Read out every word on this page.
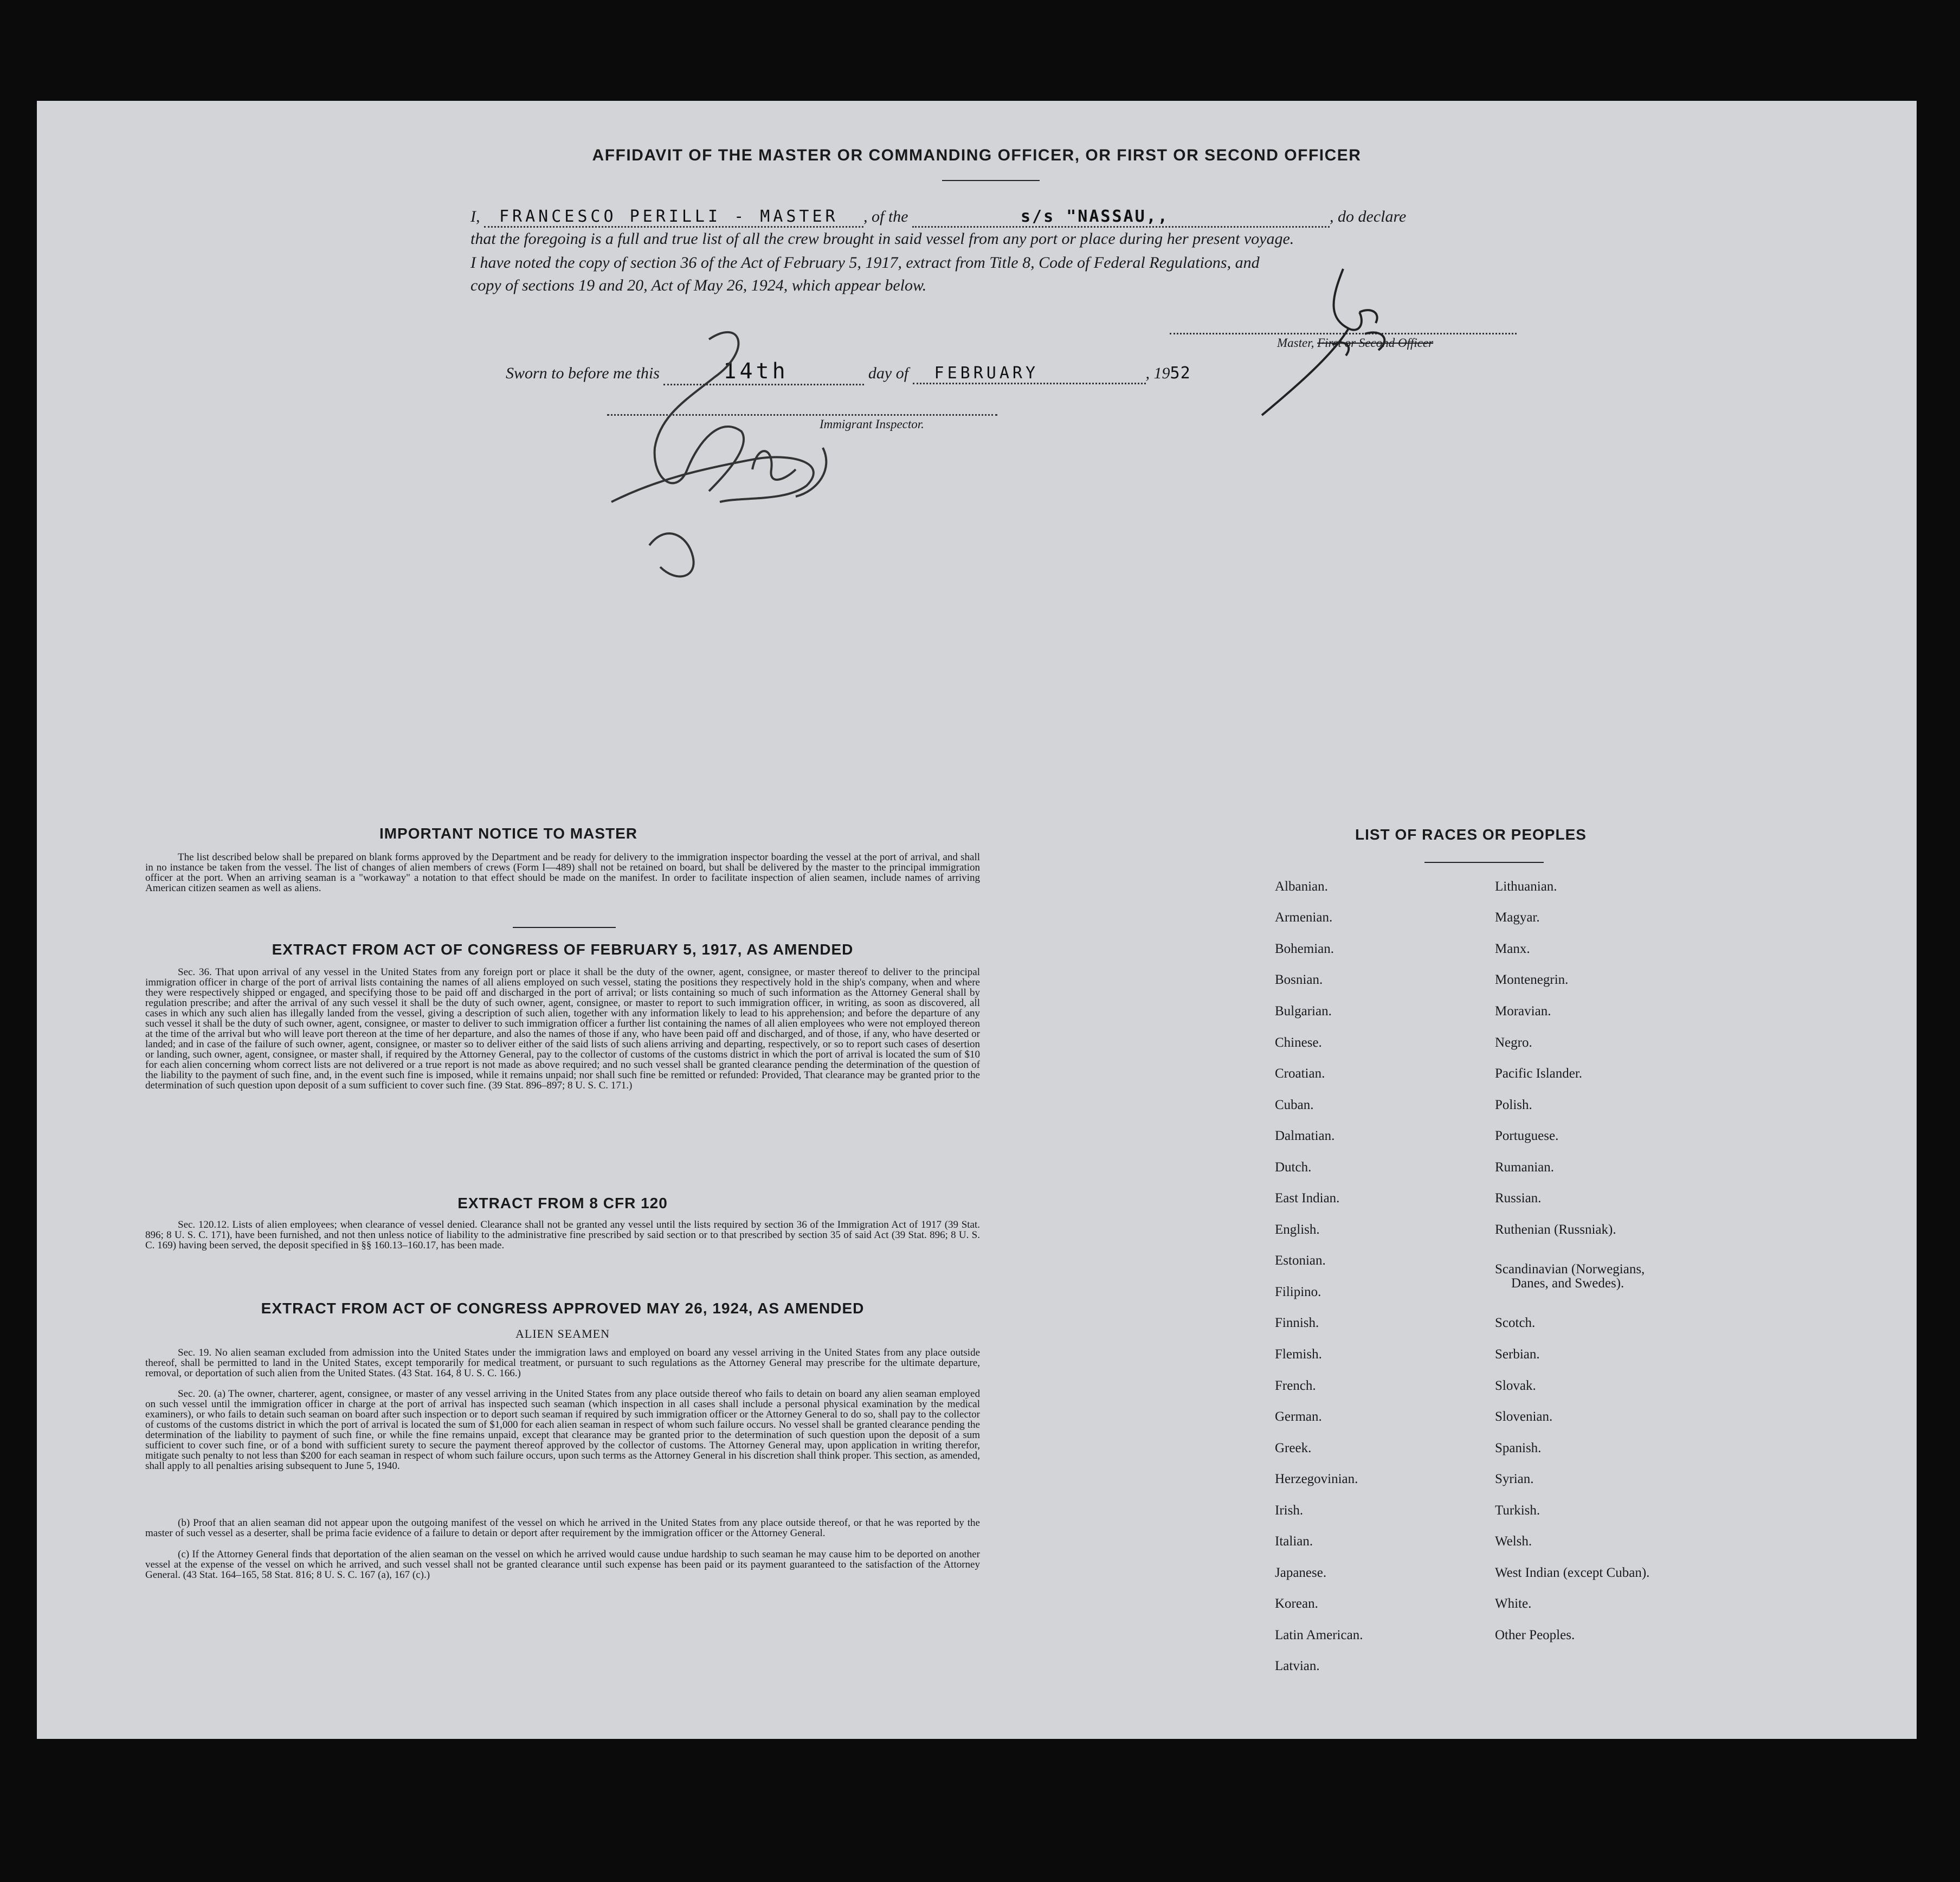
AFFIDAVIT OF THE MASTER OR COMMANDING OFFICER, OR FIRST OR SECOND OFFICER
I, FRANCESCO PERILLI - MASTER , of the	s/s "NASSAU,,	, do declare
that the foregoing is a full and true list of all the crew brought in said vessel from any port or place during her present voyage.
I have noted the copy of section 36 of the Act of February 5, 1917, extract from Title 8, Code of Federal Regulations, and
copy of sections 19 and 20, Act of May 26, 1924, which appear below.
Master, First or Second Officer
Sworn to before me this	14th	day of FEBRUARY	, 1952
Immigrant Inspector.
IMPORTANT NOTICE TO MASTER
The list described below shall be prepared on blank forms approved by the Department and be ready for delivery to the immigration inspector boarding the vessel at the port of arrival, and shall in no instance be taken from the vessel. The list of changes of alien members of crews (Form I—489) shall not be retained on board, but shall be delivered by the master to the principal immigration officer at the port. When an arriving seaman is a "workaway" a notation to that effect should be made on the manifest. In order to facilitate inspection of alien seamen, include names of arriving American citizen seamen as well as aliens.
EXTRACT FROM ACT OF CONGRESS OF FEBRUARY 5, 1917, AS AMENDED
Sec. 36. That upon arrival of any vessel in the United States from any foreign port or place it shall be the duty of the owner, agent, consignee, or master thereof to deliver to the principal immigration officer in charge of the port of arrival lists containing the names of all aliens employed on such vessel, stating the positions they respectively hold in the ship's company, when and where they were respectively shipped or engaged, and specifying those to be paid off and discharged in the port of arrival; or lists containing so much of such information as the Attorney General shall by regulation prescribe; and after the arrival of any such vessel it shall be the duty of such owner, agent, consignee, or master to report to such immigration officer, in writing, as soon as discovered, all cases in which any such alien has illegally landed from the vessel, giving a description of such alien, together with any information likely to lead to his apprehension; and before the departure of any such vessel it shall be the duty of such owner, agent, consignee, or master to deliver to such immigration officer a further list containing the names of all alien employees who were not employed thereon at the time of the arrival but who will leave port thereon at the time of her departure, and also the names of those if any, who have been paid off and discharged, and of those, if any, who have deserted or landed; and in case of the failure of such owner, agent, consignee, or master so to deliver either of the said lists of such aliens arriving and departing, respectively, or so to report such cases of desertion or landing, such owner, agent, consignee, or master shall, if required by the Attorney General, pay to the collector of customs of the customs district in which the port of arrival is located the sum of $10 for each alien concerning whom correct lists are not delivered or a true report is not made as above required; and no such vessel shall be granted clearance pending the determination of the question of the liability to the payment of such fine, and, in the event such fine is imposed, while it remains unpaid; nor shall such fine be remitted or refunded: Provided, That clearance may be granted prior to the determination of such question upon deposit of a sum sufficient to cover such fine. (39 Stat. 896–897; 8 U. S. C. 171.)
EXTRACT FROM 8 CFR 120
Sec. 120.12. Lists of alien employees; when clearance of vessel denied. Clearance shall not be granted any vessel until the lists required by section 36 of the Immigration Act of 1917 (39 Stat. 896; 8 U. S. C. 171), have been furnished, and not then unless notice of liability to the administrative fine prescribed by said section or to that prescribed by section 35 of said Act (39 Stat. 896; 8 U. S. C. 169) having been served, the deposit specified in §§ 160.13–160.17, has been made.
EXTRACT FROM ACT OF CONGRESS APPROVED MAY 26, 1924, AS AMENDED
ALIEN SEAMEN
Sec. 19. No alien seaman excluded from admission into the United States under the immigration laws and employed on board any vessel arriving in the United States from any place outside thereof, shall be permitted to land in the United States, except temporarily for medical treatment, or pursuant to such regulations as the Attorney General may prescribe for the ultimate departure, removal, or deportation of such alien from the United States. (43 Stat. 164, 8 U. S. C. 166.)
Sec. 20. (a) The owner, charterer, agent, consignee, or master of any vessel arriving in the United States from any place outside thereof who fails to detain on board any alien seaman employed on such vessel until the immigration officer in charge at the port of arrival has inspected such seaman (which inspection in all cases shall include a personal physical examination by the medical examiners), or who fails to detain such seaman on board after such inspection or to deport such seaman if required by such immigration officer or the Attorney General to do so, shall pay to the collector of customs of the customs district in which the port of arrival is located the sum of $1,000 for each alien seaman in respect of whom such failure occurs. No vessel shall be granted clearance pending the determination of the liability to payment of such fine, or while the fine remains unpaid, except that clearance may be granted prior to the determination of such question upon the deposit of a sum sufficient to cover such fine, or of a bond with sufficient surety to secure the payment thereof approved by the collector of customs. The Attorney General may, upon application in writing therefor, mitigate such penalty to not less than $200 for each seaman in respect of whom such failure occurs, upon such terms as the Attorney General in his discretion shall think proper. This section, as amended, shall apply to all penalties arising subsequent to June 5, 1940.
(b) Proof that an alien seaman did not appear upon the outgoing manifest of the vessel on which he arrived in the United States from any place outside thereof, or that he was reported by the master of such vessel as a deserter, shall be prima facie evidence of a failure to detain or deport after requirement by the immigration officer or the Attorney General.
(c) If the Attorney General finds that deportation of the alien seaman on the vessel on which he arrived would cause undue hardship to such seaman he may cause him to be deported on another vessel at the expense of the vessel on which he arrived, and such vessel shall not be granted clearance until such expense has been paid or its payment guaranteed to the satisfaction of the Attorney General. (43 Stat. 164–165, 58 Stat. 816; 8 U. S. C. 167 (a), 167 (c).)
LIST OF RACES OR PEOPLES
Albanian.
Armenian.
Bohemian.
Bosnian.
Bulgarian.
Chinese.
Croatian.
Cuban.
Dalmatian.
Dutch.
East Indian.
English.
Estonian.
Filipino.
Finnish.
Flemish.
French.
German.
Greek.
Herzegovinian.
Irish.
Italian.
Japanese.
Korean.
Latin American.
Latvian.
Lithuanian.
Magyar.
Manx.
Montenegrin.
Moravian.
Negro.
Pacific Islander.
Polish.
Portuguese.
Rumanian.
Russian.
Ruthenian (Russniak).
Scandinavian (Norwegians,
Danes, and Swedes).
Scotch.
Serbian.
Slovak.
Slovenian.
Spanish.
Syrian.
Turkish.
Welsh.
West Indian (except Cuban).
White.
Other Peoples.
